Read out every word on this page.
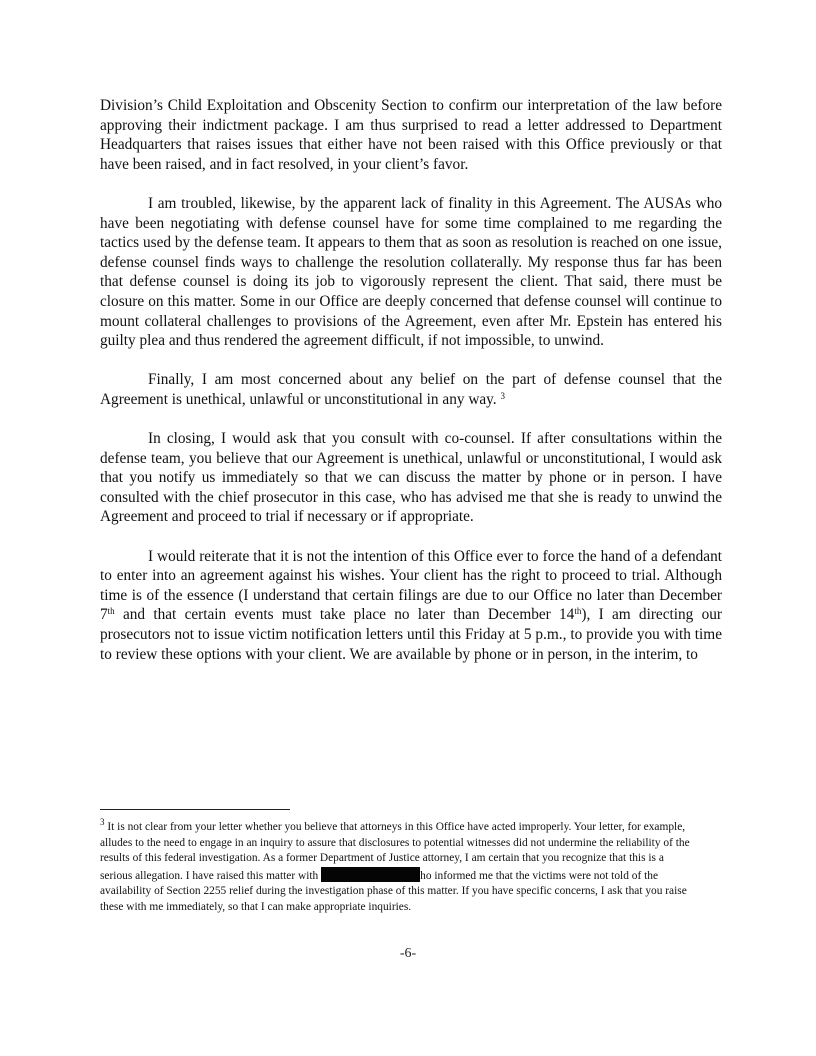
Division’s Child Exploitation and Obscenity Section to confirm our interpretation of the law before approving their indictment package. I am thus surprised to read a letter addressed to Department Headquarters that raises issues that either have not been raised with this Office previously or that have been raised, and in fact resolved, in your client’s favor.

I am troubled, likewise, by the apparent lack of finality in this Agreement. The AUSAs who have been negotiating with defense counsel have for some time complained to me regarding the tactics used by the defense team. It appears to them that as soon as resolution is reached on one issue, defense counsel finds ways to challenge the resolution collaterally. My response thus far has been that defense counsel is doing its job to vigorously represent the client. That said, there must be closure on this matter. Some in our Office are deeply concerned that defense counsel will continue to mount collateral challenges to provisions of the Agreement, even after Mr. Epstein has entered his guilty plea and thus rendered the agreement difficult, if not impossible, to unwind.

Finally, I am most concerned about any belief on the part of defense counsel that the Agreement is unethical, unlawful or unconstitutional in any way. $^3$

In closing, I would ask that you consult with co-counsel. If after consultations within the defense team, you believe that our Agreement is unethical, unlawful or unconstitutional, I would ask that you notify us immediately so that we can discuss the matter by phone or in person. I have consulted with the chief prosecutor in this case, who has advised me that she is ready to unwind the Agreement and proceed to trial if necessary or if appropriate.

I would reiterate that it is not the intention of this Office ever to force the hand of a defendant to enter into an agreement against his wishes. Your client has the right to proceed to trial. Although time is of the essence (I understand that certain filings are due to our Office no later than December 7th and that certain events must take place no later than December 14th), I am directing our prosecutors not to issue victim notification letters until this Friday at 5 p.m., to provide you with time to review these options with your client. We are available by phone or in person, in the interim, to

$^3$ It is not clear from your letter whether you believe that attorneys in this Office have acted improperly. Your letter, for example, alludes to the need to engage in an inquiry to assure that disclosures to potential witnesses did not undermine the reliability of the results of this federal investigation. As a former Department of Justice attorney, I am certain that you recognize that this is a serious allegation. I have raised this matter with	ho informed me that the victims were not told of the availability of Section 2255 relief during the investigation phase of this matter. If you have specific concerns, I ask that you raise these with me immediately, so that I can make appropriate inquiries.

-6-
